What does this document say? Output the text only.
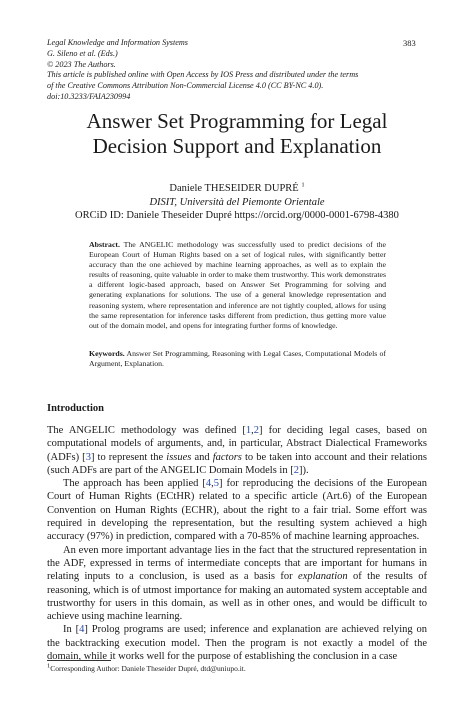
Legal Knowledge and Information Systems
G. Sileno et al. (Eds.)
© 2023 The Authors.
This article is published online with Open Access by IOS Press and distributed under the terms
of the Creative Commons Attribution Non-Commercial License 4.0 (CC BY-NC 4.0).
doi:10.3233/FAIA230994
383
Answer Set Programming for Legal
Decision Support and Explanation
Daniele THESEIDER DUPRÉ $^1$
DISIT, Università del Piemonte Orientale
ORCiD ID: Daniele Theseider Dupré https://orcid.org/0000-0001-6798-4380
Abstract. The ANGELIC methodology was successfully used to predict decisions of the European Court of Human Rights based on a set of logical rules, with significantly better accuracy than the one achieved by machine learning approaches, as well as to explain the results of reasoning, quite valuable in order to make them trustworthy. This work demonstrates a different logic-based approach, based on Answer Set Programming for solving and generating explanations for solutions. The use of a general knowledge representation and reasoning system, where representation and inference are not tightly coupled, allows for using the same representation for inference tasks different from prediction, thus getting more value out of the domain model, and opens for integrating further forms of knowledge.
Keywords. Answer Set Programming, Reasoning with Legal Cases, Computational Models of Argument, Explanation.
Introduction

The ANGELIC methodology was defined [1,2] for deciding legal cases, based on computational models of arguments, and, in particular, Abstract Dialectical Frameworks (ADFs) [3] to represent the issues and factors to be taken into account and their relations (such ADFs are part of the ANGELIC Domain Models in [2]).

The approach has been applied [4,5] for reproducing the decisions of the European Court of Human Rights (ECtHR) related to a specific article (Art.6) of the European Convention on Human Rights (ECHR), about the right to a fair trial. Some effort was required in developing the representation, but the resulting system achieved a high accuracy (97%) in prediction, compared with a 70-85% of machine learning approaches.

An even more important advantage lies in the fact that the structured representation in the ADF, expressed in terms of intermediate concepts that are important for humans in relating inputs to a conclusion, is used as a basis for explanation of the results of reasoning, which is of utmost importance for making an automated system acceptable and trustworthy for users in this domain, as well as in other ones, and would be difficult to achieve using machine learning.

In [4] Prolog programs are used; inference and explanation are achieved relying on the backtracking execution model. Then the program is not exactly a model of the domain, while it works well for the purpose of establishing the conclusion in a case

$^1$Corresponding Author: Daniele Theseider Dupré, dtd@uniupo.it.
